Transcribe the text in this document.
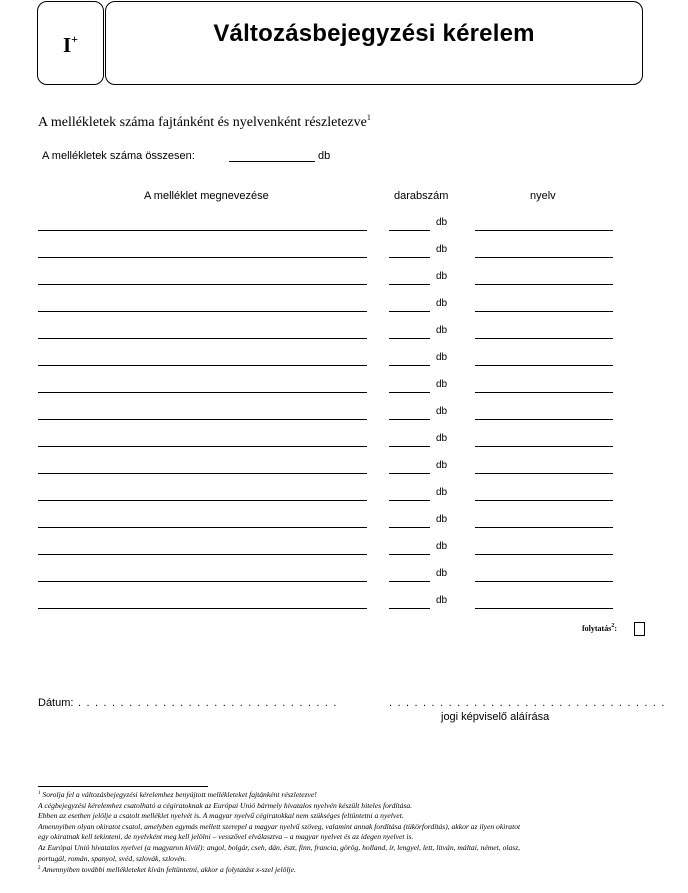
I+	Változásbejegyzési kérelem
A mellékletek száma fajtánként és nyelvenként részletezve$^1$
A mellékletek száma összesen:	db
A melléklet megnevezése	darabszám	nyelv
db
db
db
db
db
db
db
db
db
db
db
db
db
db
db
folytatás$^2$:
Dátum: . . . . . . . . . . . . . . . . . . . . . . . . . . . . . . .	. . . . . . . . . . . . . . . . . . . . . . . . . . . . . . . . .
jogi képviselő aláírása
$^1$ Sorolja fel a változásbejegyzési kérelemhez benyújtott mellékleteket fajtánként részletezve!
A cégbejegyzési kérelemhez csatolható a cégiratoknak az Európai Unió bármely hivatalos nyelvén készült hiteles fordítása.
Ebben az esetben jelölje a csatolt melléklet nyelvét is. A magyar nyelvű cégiratokkal nem szükséges feltüntetni a nyelvet.
Amennyiben olyan okiratot csatol, amelyben egymás mellett szerepel a magyar nyelvű szöveg, valamint annak fordítása (tükörfordítás), akkor az ilyen okiratot
egy okiratnak kell tekinteni, de nyelvként meg kell jelölni – vesszővel elválasztva – a magyar nyelvet és az idegen nyelvet is.
Az Európai Unió hivatalos nyelvei (a magyaron kívül): angol, bolgár, cseh, dán, észt, finn, francia, görög, holland, ír, lengyel, lett, litván, máltai, német, olasz,
portugál, román, spanyol, svéd, szlovák, szlovén.
$^2$ Amennyiben további mellékleteket kíván feltüntetni, akkor a folytatást x-szel jelölje.
